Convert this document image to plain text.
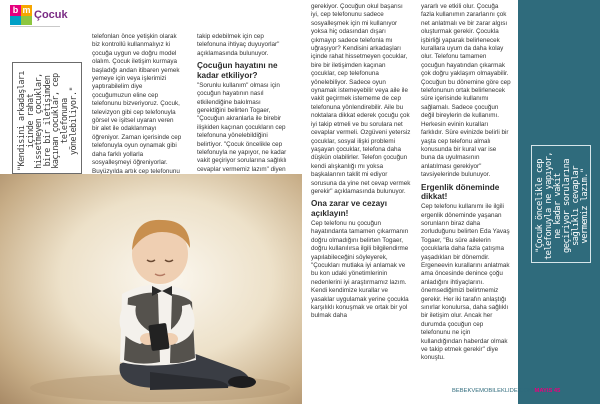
b m Çocuk
"Kendisini arkadaşları içinde rahat hissetmeyen çocuklar, bire bir iletişimden kaçınan çocuklar, cep telefonuna yönelebiliyor."

telefonları önce yetişkin olarak biz kontrollü kullanmalıyız ki çocuğa uygun ve doğru model olalım. Çocuk iletişim kurmaya başladığı andan itibaren yemek yemeye için veya işlerimizi yaptırabilelim diye çocuğumuzun eline cep telefonunu bizveriyoruz. Çocuk, televizyon gibi cep telefonuyla görsel ve işitsel uyaran veren bir alet ile odaklanmayı öğreniyor. Zaman içerisinde cep telefonuyla oyun oynamak gibi daha farklı yollarla sosyalleşmeyi öğreniyorlar. Buyüzyılda artık cep telefonunu

takip edebilmek için cep telefonuna ihtiyaç duyuyorlar" açıklamasında bulunuyor.

Çocuğun hayatını ne kadar etkiliyor?

"Sorunlu kullanım" olması için çocuğun hayatının nasıl etkilendiğine bakılması gerektiğini belirten Togaer, "Çocuğun akranlarla ile birebir ilişkiden kaçınan çocukların cep telefonuna yönelebildiğini belirtiyor. "Çocuk öncelikle cep telefonuyla ne yapıyor, ne kadar vakit geçiriyor sorularına sağlıklı cevaplar vermemiz lazım" diyen

gerekiyor. Çocuğun okul başarısı iyi, cep telefonunu sadece sosyalleşmek için mi kullanıyor yoksa hiç odasından dışarı çıkmayıp sadece telefonla mı uğraşıyor? Kendisini arkadaşları içinde rahat hissetmeyen çocuklar, bire bir iletişimden kaçınan çocuklar, cep telefonuna yönelebiliyor. Sadece oyun oynamak istemeyebilir veya aile ile vakit geçirmek istememe de cep telefonuna yönlendirebilir. Aile bu noktalara dikkat ederek çocuğu çok iyi takip etmeli ve bu sorulara net cevaplar vermeli. Ozgüveni yetersiz çocuklar, sosyal ilişki problemi yaşayan çocuklar, telefona daha düşkün olabilirler. Telefon çocuğun kendi alışkanlığı mı yoksa başkalarının taklit mi ediyor sorusuna da yine net cevap vermek gerekir" açıklamasında bulunuyor.

Ona zarar ve cezayı açıklayın!

Cep telefonu nu çocuğun hayatındanta tamamen çıkarmanın doğru olmadığını belirten Togaer, doğru kullanılırsa ilgili bilgilendirme yapılabileceğini söyleyerek, "Çocukları mutlaka iyi anlamak ve bu kon udaki yönetimlerinin nedenlerini iyi araştırmamız lazım. Kendi kendimize kurallar ve yasaklar uygulamak yerine çocukla karşılıklı konuşmak ve ortak bir yol bulmak daha

yararlı ve etkili olur. Çocuğa fazla kullanımın zararlarını çok net anlatmalı ve bir zarar algısı oluşturmak gerekir. Çocukla işbirliği yaparak belirlenecek kurallara uyum da daha kolay olur. Telefonu tamamen çocuğun hayatından çıkarmak çok doğru yaklaşım olmayabilir. Çocuğun bu dönemine göre cep telefonunun ortak belirlenecek süre içerisinde kullanımı sağlamalı. Sadece çocuğun değil bireylerin de kullanımı. Herkesin evinin kuralları farklıdır. Süre evinizde belirli bir yaşta cep telefonu almalı konusunda bir kural var ise buna da uyulmasının anlatılması gerekiyor" tavsiyelerinde bulunuyor.

Ergenlik döneminde dikkat!

Cep telefonu kullanımı ile ilgili ergenlik döneminde yaşanan sorunların biraz daha zorluduğunu belirten Eda Yavaş Togaer, "Bu süre ailelerin çocuklarla daha fazla çatışma yaşadıkları bir dönemdir. Ergeneevin kurallarını anlatmak ama öncesinde denince çoğu anladığını ihtiyaçlarını. önemsediğimizi belirtmemiz gerekir. Her iki tarafın anlaştığı sınırlar konulursa, daha sağlıklı bir iletişim olur. Ancak her durumda çocuğun cep telefonunu ne için kullandığından haberdar olmak ve takip etmek gerekir" diye konuştu.

"Çocuk öncelikle cep telefonuyla ne yapıyor, ne kadar vakit geçiriyor sorularına sağlıklı cevaplar vermemiz lazım."
BEBEKVEMOBILEKLIDE.COM MAYIS 45
